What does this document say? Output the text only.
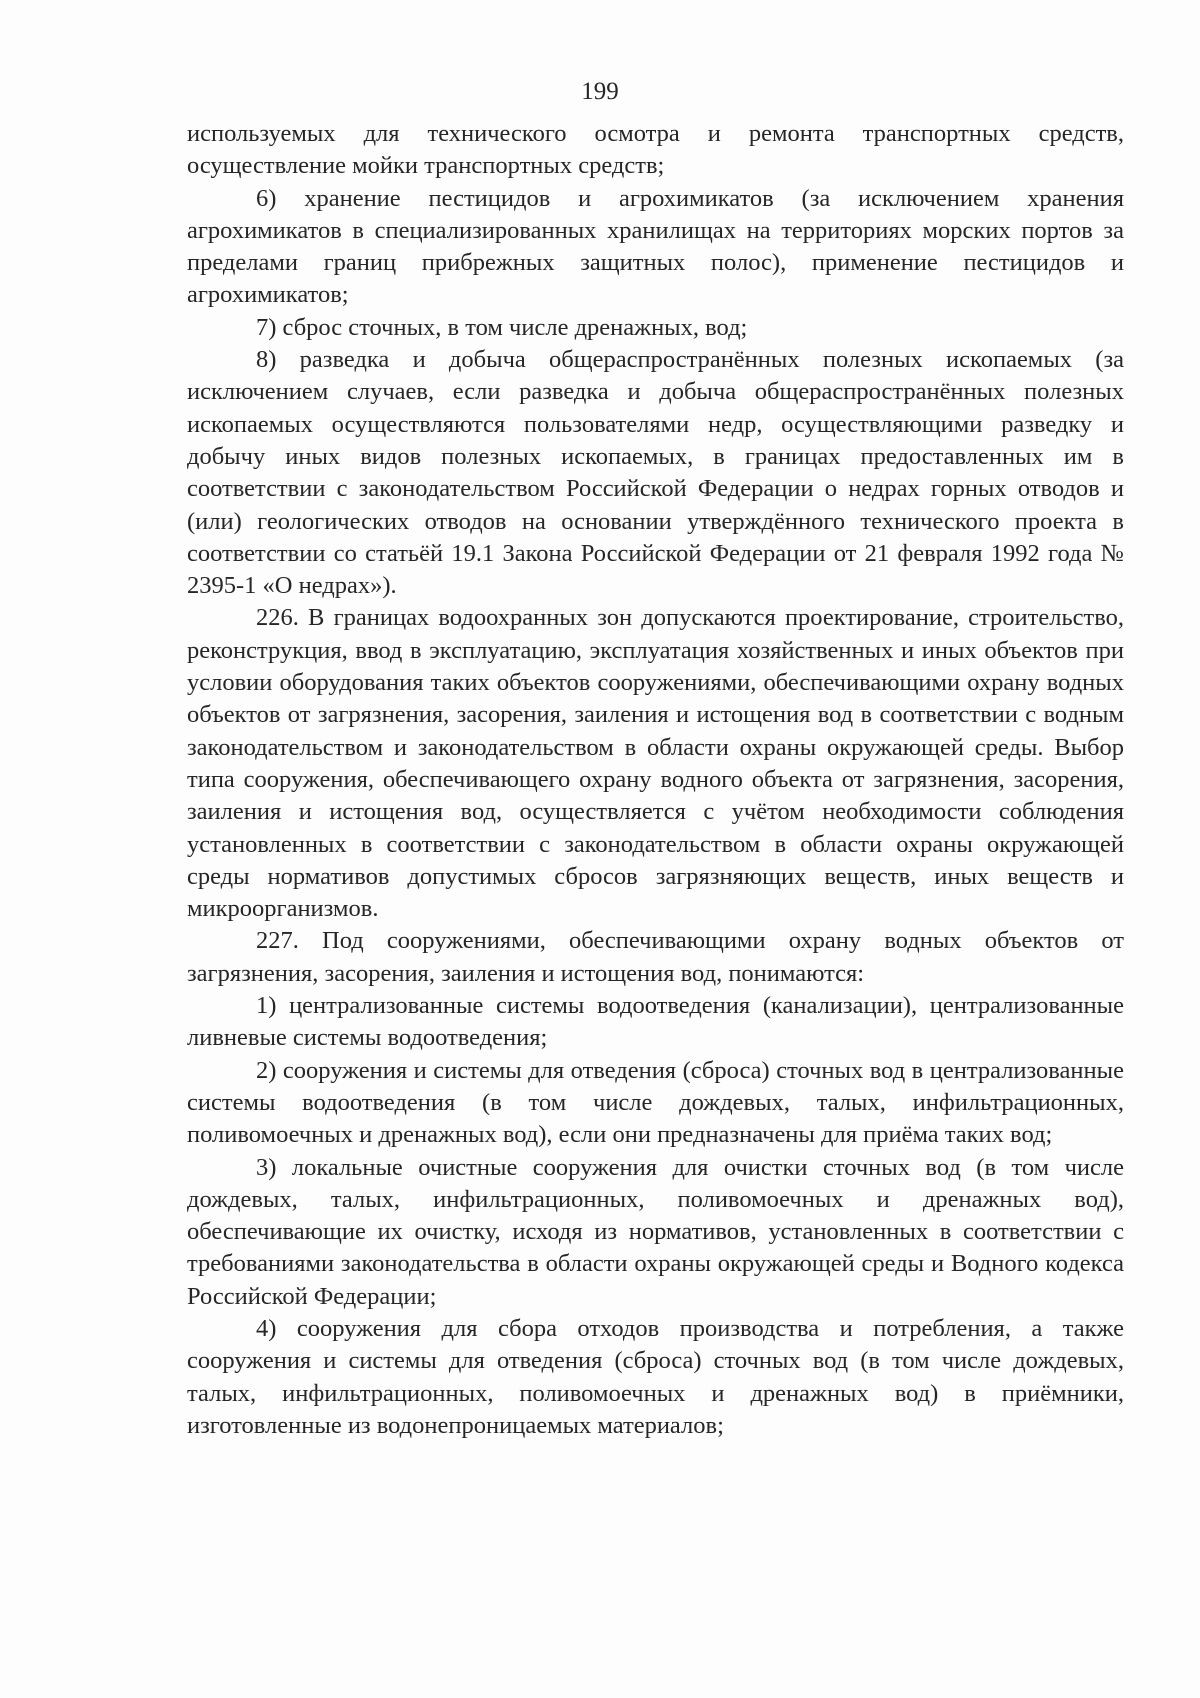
199

используемых для технического осмотра и ремонта транспортных средств, осуществление мойки транспортных средств;

6) хранение пестицидов и агрохимикатов (за исключением хранения агрохимикатов в специализированных хранилищах на территориях морских портов за пределами границ прибрежных защитных полос), применение пестицидов и агрохимикатов;

7) сброс сточных, в том числе дренажных, вод;

8) разведка и добыча общераспространённых полезных ископаемых (за исключением случаев, если разведка и добыча общераспространённых полезных ископаемых осуществляются пользователями недр, осуществляющими разведку и добычу иных видов полезных ископаемых, в границах предоставленных им в соответствии с законодательством Российской Федерации о недрах горных отводов и (или) геологических отводов на основании утверждённого технического проекта в соответствии со статьёй 19.1 Закона Российской Федерации от 21 февраля 1992 года № 2395-1 «О недрах»).

226. В границах водоохранных зон допускаются проектирование, строительство, реконструкция, ввод в эксплуатацию, эксплуатация хозяйственных и иных объектов при условии оборудования таких объектов сооружениями, обеспечивающими охрану водных объектов от загрязнения, засорения, заиления и истощения вод в соответствии с водным законодательством и законодательством в области охраны окружающей среды. Выбор типа сооружения, обеспечивающего охрану водного объекта от загрязнения, засорения, заиления и истощения вод, осуществляется с учётом необходимости соблюдения установленных в соответствии с законодательством в области охраны окружающей среды нормативов допустимых сбросов загрязняющих веществ, иных веществ и микроорганизмов.

227. Под сооружениями, обеспечивающими охрану водных объектов от загрязнения, засорения, заиления и истощения вод, понимаются:

1) централизованные системы водоотведения (канализации), централизованные ливневые системы водоотведения;

2) сооружения и системы для отведения (сброса) сточных вод в централизованные системы водоотведения (в том числе дождевых, талых, инфильтрационных, поливомоечных и дренажных вод), если они предназначены для приёма таких вод;

3) локальные очистные сооружения для очистки сточных вод (в том числе дождевых, талых, инфильтрационных, поливомоечных и дренажных вод), обеспечивающие их очистку, исходя из нормативов, установленных в соответствии с требованиями законодательства в области охраны окружающей среды и Водного кодекса Российской Федерации;

4) сооружения для сбора отходов производства и потребления, а также сооружения и системы для отведения (сброса) сточных вод (в том числе дождевых, талых, инфильтрационных, поливомоечных и дренажных вод) в приёмники, изготовленные из водонепроницаемых материалов;
